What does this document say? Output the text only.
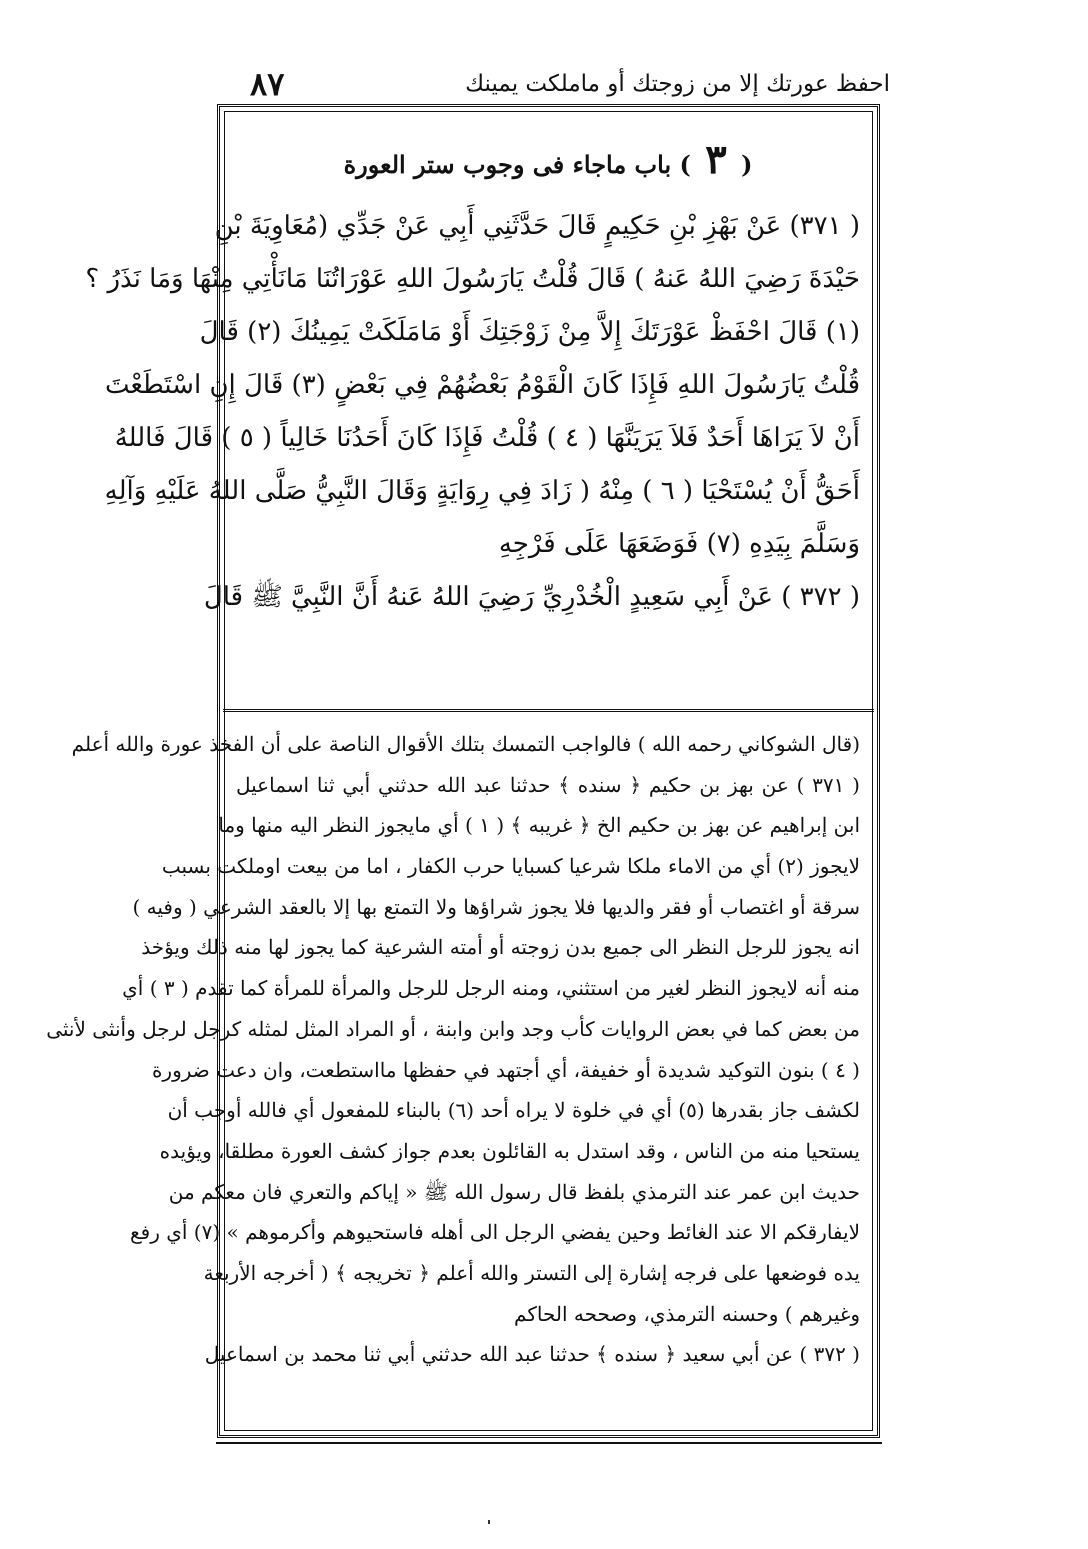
احفظ عورتك إلا من زوجتك أو ماملكت يمينك
٨٧
( ٣ ) باب ماجاء فى وجوب ستر العورة
( ٣٧١) عَنْ بَهْزِ بْنِ حَكِيمٍ قَالَ حَدَّثَنِي أَبِي عَنْ جَدِّي (مُعَاوِيَةَ بْنِ
حَيْدَةَ رَضِيَ اللهُ عَنهُ ) قَالَ قُلْتُ يَارَسُولَ اللهِ عَوْرَاتُنَا مَانَأْتِي مِنْهَا وَمَا نَذَرُ ؟
(١) قَالَ احْفَظْ عَوْرَتَكَ إِلاَّ مِنْ زَوْجَتِكَ أَوْ مَامَلَكَتْ يَمِينُكَ (٢) قَالَ
قُلْتُ يَارَسُولَ اللهِ فَإِذَا كَانَ الْقَوْمُ بَعْضُهُمْ فِي بَعْضٍ (٣) قَالَ إِنِ اسْتَطَعْتَ
أَنْ لاَ يَرَاهَا أَحَدٌ فَلاَ يَرَيَنَّهَا ( ٤ ) قُلْتُ فَإِذَا كَانَ أَحَدُنَا خَالِياً ( ٥ ) قَالَ فَاللهُ
أَحَقُّ أَنْ يُسْتَحْيَا ( ٦ ) مِنْهُ ( زَادَ فِي رِوَايَةٍ وَقَالَ النَّبِيُّ صَلَّى اللهُ عَلَيْهِ وَآلِهِ
وَسَلَّمَ بِيَدِهِ (٧) فَوَضَعَهَا عَلَى فَرْجِهِ
( ٣٧٢ ) عَنْ أَبِي سَعِيدٍ الْخُدْرِيِّ رَضِيَ اللهُ عَنهُ أَنَّ النَّبِيَّ ﷺ قَالَ
(قال الشوكاني رحمه الله ) فالواجب التمسك بتلك الأقوال الناصة على أن الفخذ عورة والله أعلم
( ٣٧١ ) عن بهز بن حكيم ﴿ سنده ﴾ حدثنا عبد الله حدثني أبي ثنا اسماعيل
ابن إبراهيم عن بهز بن حكيم الخ ﴿ غريبه ﴾ ( ١ ) أي مايجوز النظر اليه منها وما
لايجوز (٢) أي من الاماء ملكا شرعيا كسبايا حرب الكفار ، اما من بيعت اوملكت بسبب
سرقة أو اغتصاب أو فقر والديها فلا يجوز شراؤها ولا التمتع بها إلا بالعقد الشرعي ( وفيه )
انه يجوز للرجل النظر الى جميع بدن زوجته أو أمته الشرعية كما يجوز لها منه ذلك ويؤخذ
منه أنه لايجوز النظر لغير من استثني، ومنه الرجل للرجل والمرأة للمرأة كما تقدم ( ٣ ) أي
من بعض كما في بعض الروايات كأب وجد وابن وابنة ، أو المراد المثل لمثله كرجل لرجل وأنثى لأنثى
( ٤ ) بنون التوكيد شديدة أو خفيفة، أي أجتهد في حفظها مااستطعت، وان دعت ضرورة
لكشف جاز بقدرها (٥) أي في خلوة لا يراه أحد (٦) بالبناء للمفعول أي فالله أوجب أن
يستحيا منه من الناس ، وقد استدل به القائلون بعدم جواز كشف العورة مطلقا، ويؤيده
حديث ابن عمر عند الترمذي بلفظ قال رسول الله ﷺ « إياكم والتعري فان معكم من
لايفارقكم الا عند الغائط وحين يفضي الرجل الى أهله فاستحيوهم وأكرموهم » (٧) أي رفع
يده فوضعها على فرجه إشارة إلى التستر والله أعلم ﴿ تخريجه ﴾ ( أخرجه الأربعة
وغيرهم ) وحسنه الترمذي، وصححه الحاكم
( ٣٧٢ ) عن أبي سعيد ﴿ سنده ﴾ حدثنا عبد الله حدثني أبي ثنا محمد بن اسماعيل
